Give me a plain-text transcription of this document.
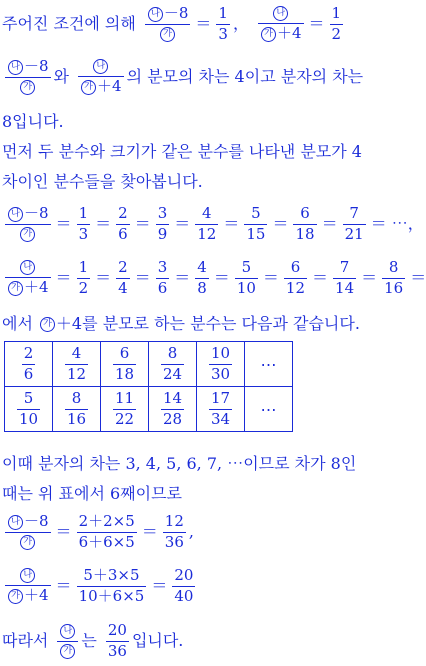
주어진 조건에 의해 $\frac{\text{나 －8}}{\text{가}} = \frac{1}{3}$ ， $\frac{\text{나}}{\text{가 ＋4}} = \frac{1}{2}$
$\frac{\text{나 －8}}{\text{가}}$ 와 $\frac{\text{나}}{\text{가 ＋4}}$ 의 분모의 차는 4이고 분자의 차는
8입니다.
먼저 두 분수와 크기가 같은 분수를 나타낸 분모가 4
차이인 분수들을 찾아봅니다.
$\frac{\text{나 －8}}{\text{가}} = \frac{1}{3} = \frac{2}{6} = \frac{3}{9} = \frac{4}{12} = \frac{5}{15} = \frac{6}{18} = \frac{7}{21}$ ＝ ⋯，
$\frac{\text{나}}{\text{가 ＋4}} = \frac{1}{2} = \frac{2}{4} = \frac{3}{6} = \frac{4}{8} = \frac{5}{10} = \frac{6}{12} = \frac{7}{14} = \frac{8}{16}$ ＝
에서	가 ＋4를 분모로 하는 분수는 다음과 같습니다.
$\frac{2}{6}$	$\frac{4}{12}$	$\frac{6}{18}$	$\frac{8}{24}$	$\frac{10}{30}$	⋯

$\frac{5}{10}$	$\frac{8}{16}$	$\frac{11}{22}$	$\frac{14}{28}$	$\frac{17}{34}$	⋯
이때 분자의 차는 3, 4, 5, 6, 7, ⋯이므로 차가 8인
때는 위 표에서 6째이므로
$\frac{\text{나 －8}}{\text{가}} = \frac{2+2\times 5}{6+6\times 5} = \frac{12}{36}$ ,
$\frac{\text{나}}{\text{가 ＋4}} = \frac{5+3\times 5}{10+6\times 5} = \frac{20}{40}$
따라서 $\frac{\text{나}}{\text{가}}$ 는 $\frac{20}{36}$ 입니다.
